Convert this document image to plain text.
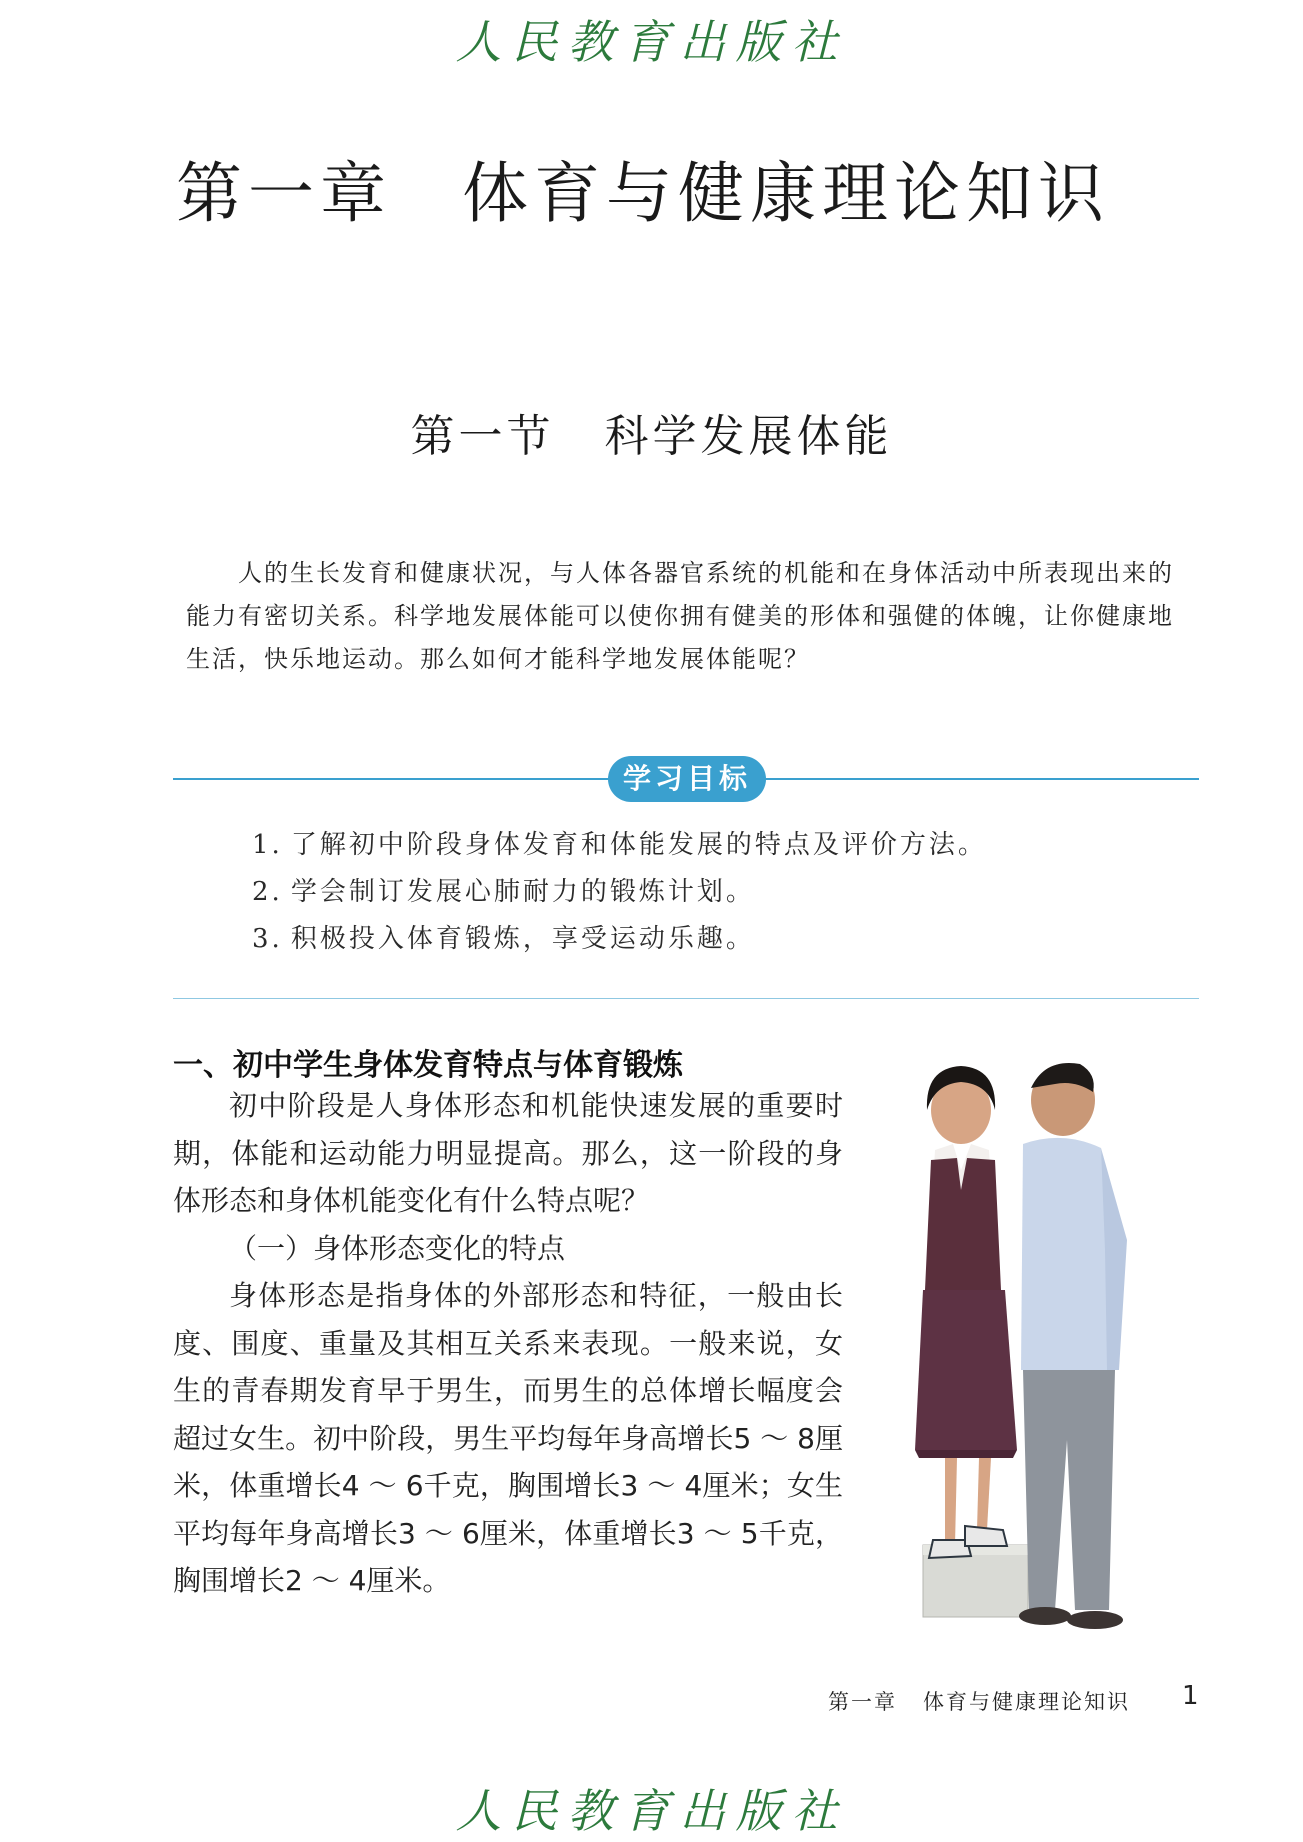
人民教育出版社
第一章 体育与健康理论知识
第一节 科学发展体能

人的生长发育和健康状况，与人体各器官系统的机能和在身体活动中所表现出来的能力有密切关系。科学地发展体能可以使你拥有健美的形体和强健的体魄，让你健康地生活，快乐地运动。那么如何才能科学地发展体能呢？

学习目标
1. 了解初中阶段身体发育和体能发展的特点及评价方法。
2. 学会制订发展心肺耐力的锻炼计划。
3. 积极投入体育锻炼，享受运动乐趣。
一、初中学生身体发育特点与体育锻炼

初中阶段是人身体形态和机能快速发展的重要时期，体能和运动能力明显提高。那么，这一阶段的身体形态和身体机能变化有什么特点呢？

（一）身体形态变化的特点

身体形态是指身体的外部形态和特征，一般由长度、围度、重量及其相互关系来表现。一般来说，女生的青春期发育早于男生，而男生的总体增长幅度会超过女生。初中阶段，男生平均每年身高增长5 ～ 8厘米，体重增长4 ～ 6千克，胸围增长3 ～ 4厘米；女生平均每年身高增长3 ～ 6厘米，体重增长3 ～ 5千克，胸围增长2 ～ 4厘米。

第一章 体育与健康理论知识 1
人民教育出版社
